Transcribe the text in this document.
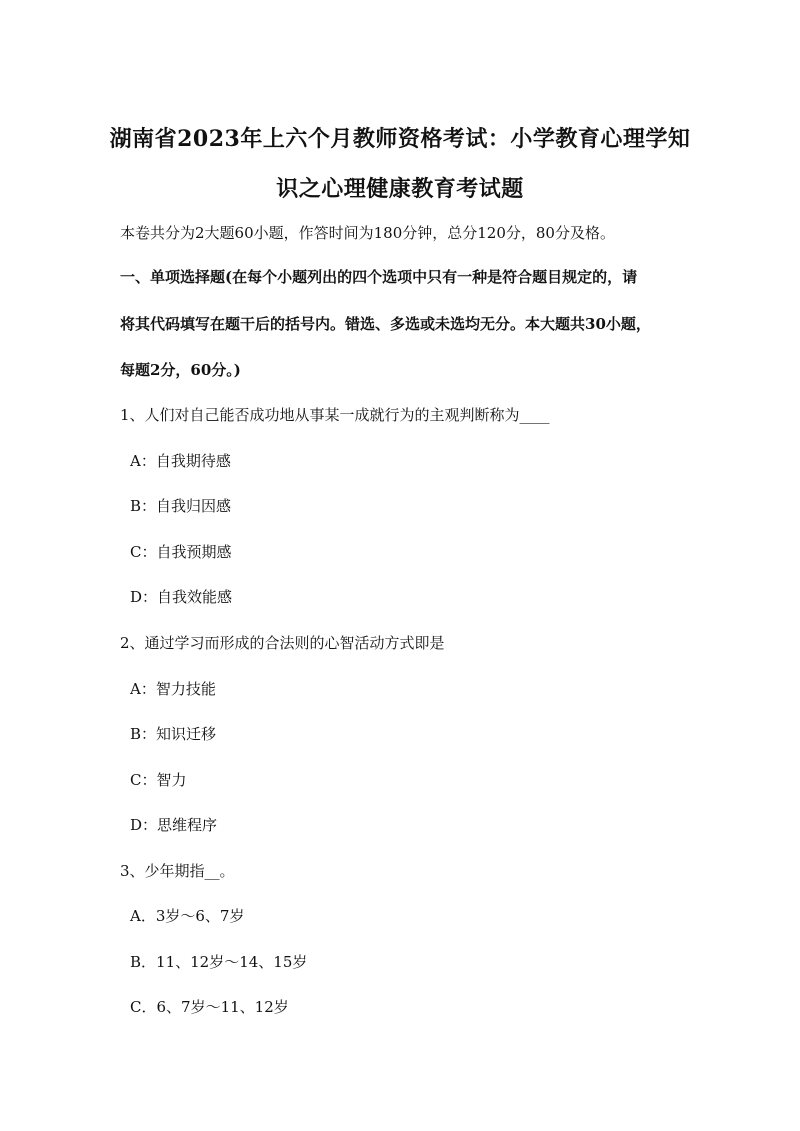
湖南省2023年上六个月教师资格考试：小学教育心理学知
识之心理健康教育考试题
本卷共分为2大题60小题，作答时间为180分钟，总分120分，80分及格。
一、单项选择题(在每个小题列出的四个选项中只有一种是符合题目规定的，请
将其代码填写在题干后的括号内。错选、多选或未选均无分。本大题共30小题，
每题2分，60分。)
1、人们对自己能否成功地从事某一成就行为的主观判断称为____
A：自我期待感
B：自我归因感
C：自我预期感
D：自我效能感
2、通过学习而形成的合法则的心智活动方式即是
A：智力技能
B：知识迁移
C：智力
D：思维程序
3、少年期指__。
A．3岁～6、7岁
B．11、12岁～14、15岁
C．6、7岁～11、12岁
